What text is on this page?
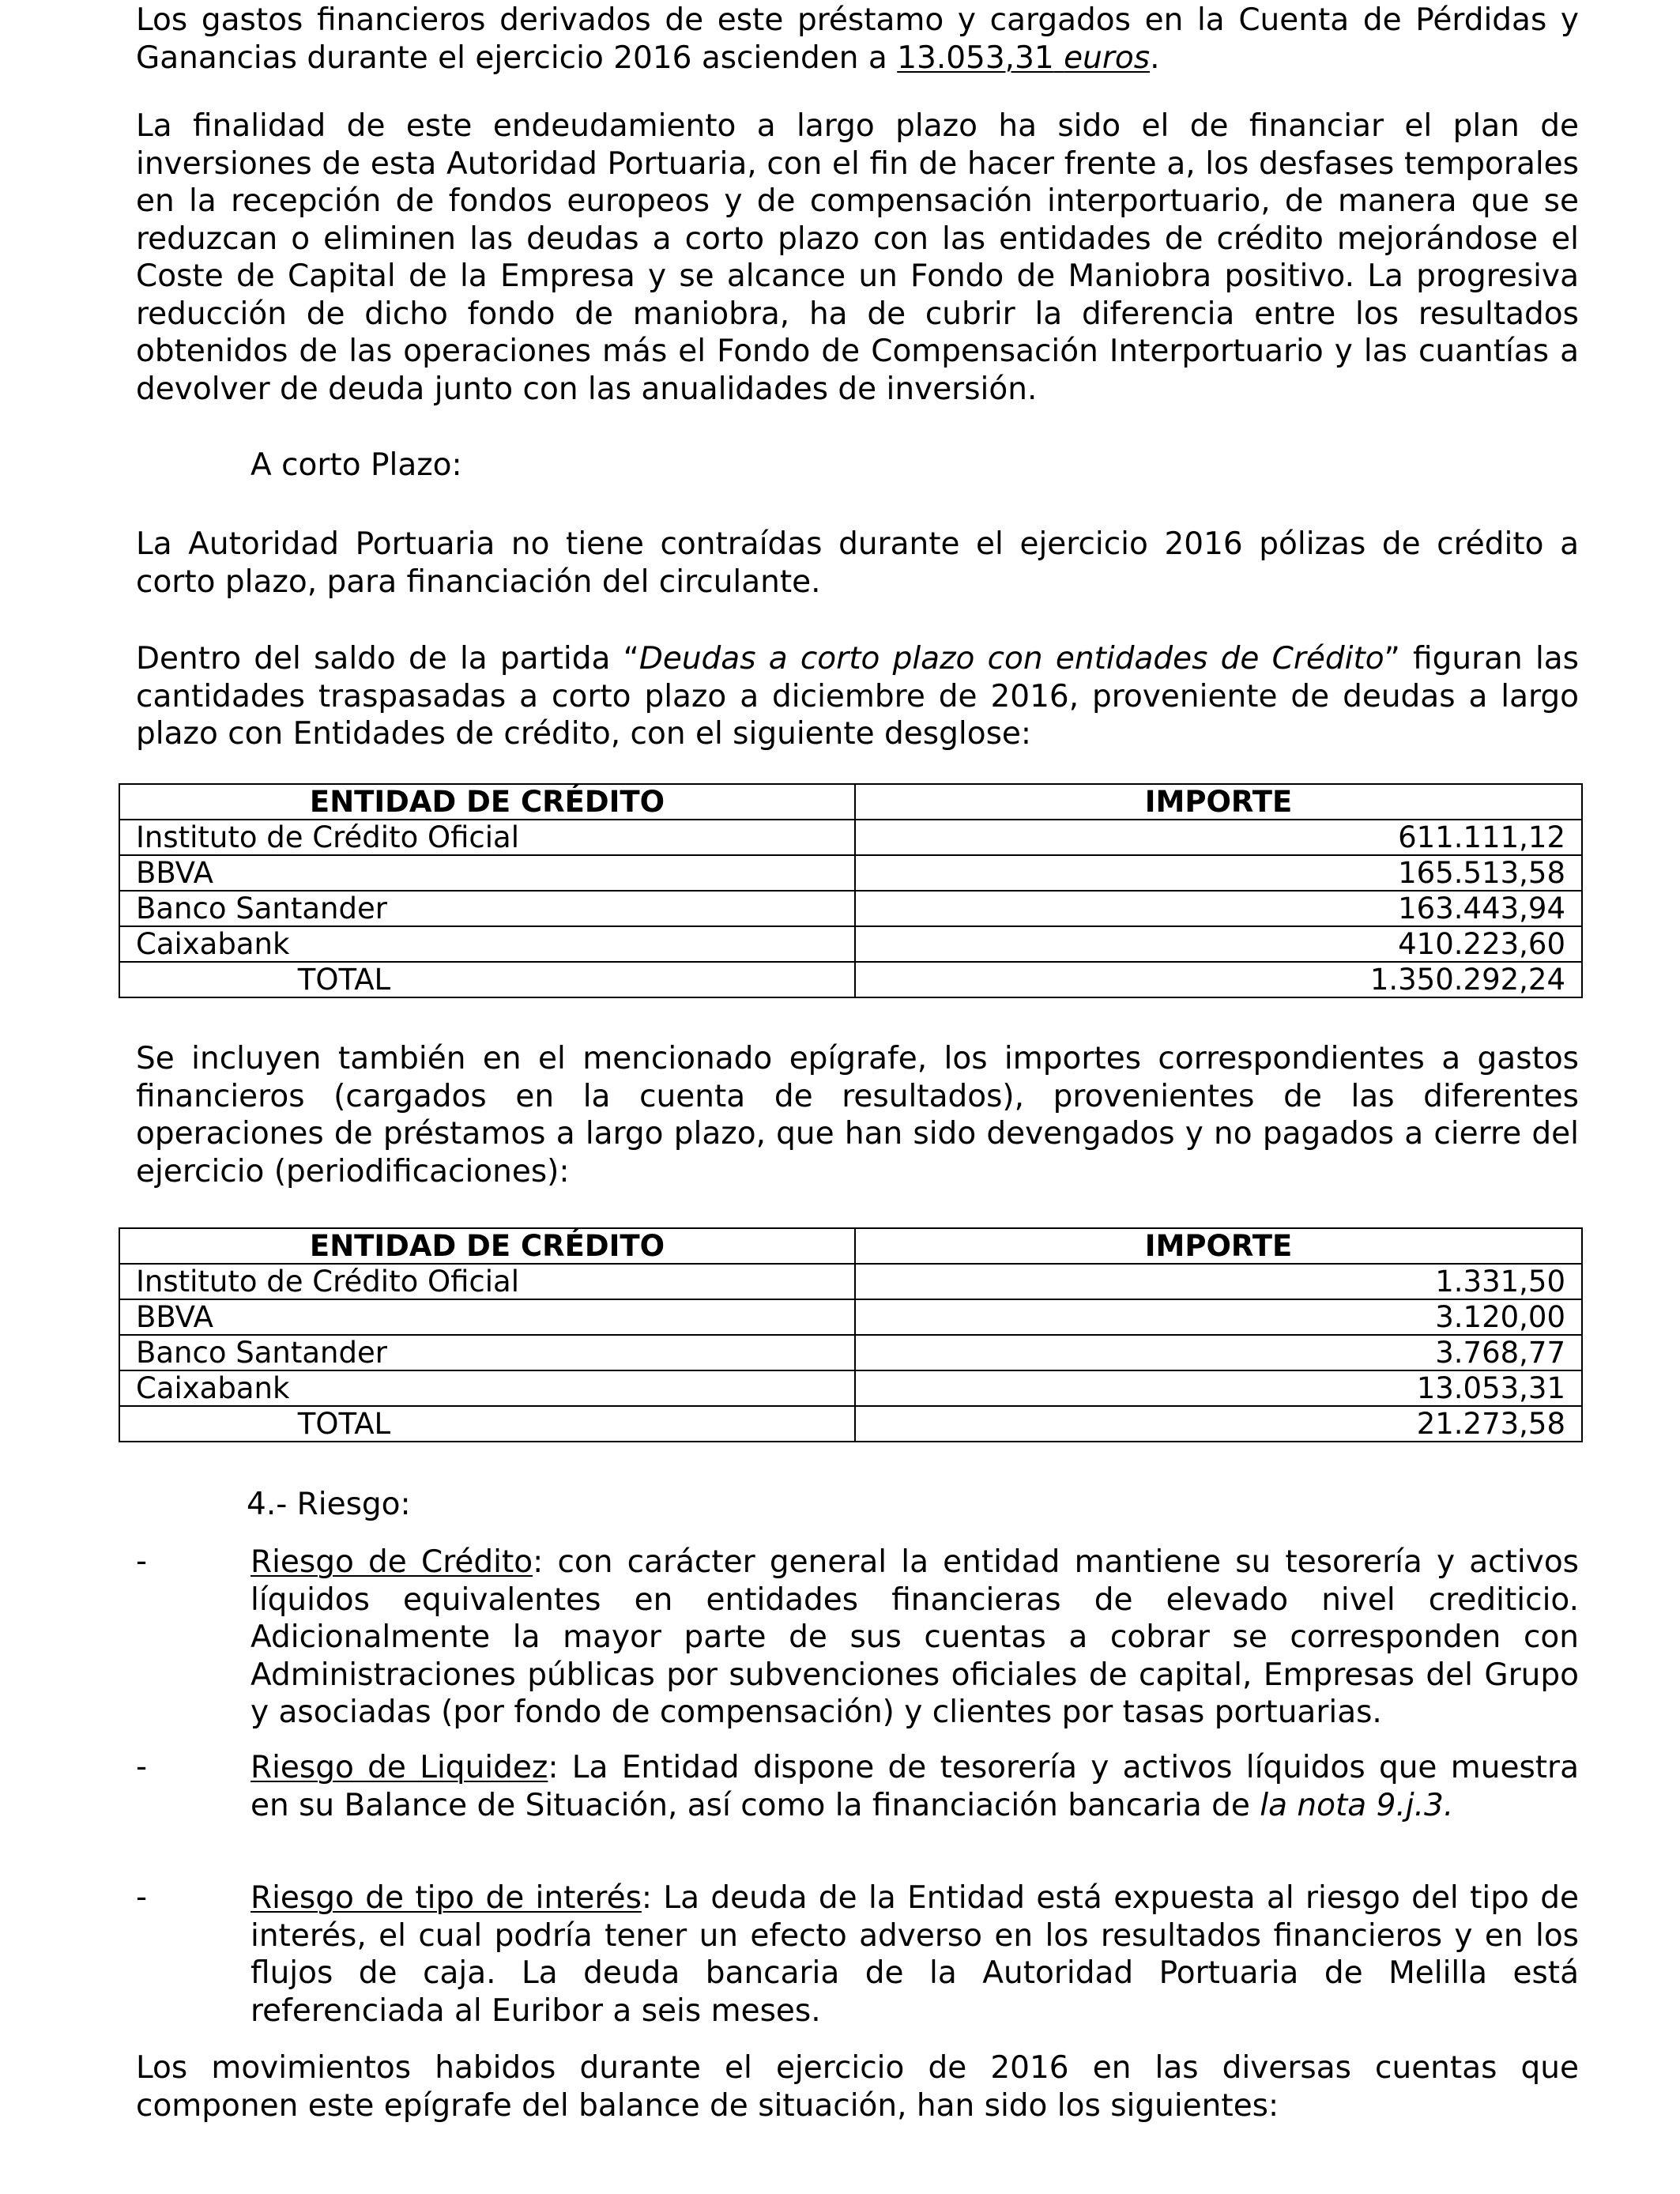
Los gastos financieros derivados de este préstamo y cargados en la Cuenta de Pérdidas y Ganancias durante el ejercicio 2016 ascienden a 13.053,31 euros.

La finalidad de este endeudamiento a largo plazo ha sido el de financiar el plan de inversiones de esta Autoridad Portuaria, con el fin de hacer frente a, los desfases temporales en la recepción de fondos europeos y de compensación interportuario, de manera que se reduzcan o eliminen las deudas a corto plazo con las entidades de crédito mejorándose el Coste de Capital de la Empresa y se alcance un Fondo de Maniobra positivo. La progresiva reducción de dicho fondo de maniobra, ha de cubrir la diferencia entre los resultados obtenidos de las operaciones más el Fondo de Compensación Interportuario y las cuantías a devolver de deuda junto con las anualidades de inversión.

A corto Plazo:

La Autoridad Portuaria no tiene contraídas durante el ejercicio 2016 pólizas de crédito a corto plazo, para financiación del circulante.

Dentro del saldo de la partida “Deudas a corto plazo con entidades de Crédito” figuran las cantidades traspasadas a corto plazo a diciembre de 2016, proveniente de deudas a largo plazo con Entidades de crédito, con el siguiente desglose:

ENTIDAD DE CRÉDITO	IMPORTE
Instituto de Crédito Oficial	611.111,12
BBVA	165.513,58
Banco Santander	163.443,94
Caixabank	410.223,60
TOTAL	1.350.292,24

Se incluyen también en el mencionado epígrafe, los importes correspondientes a gastos financieros (cargados en la cuenta de resultados), provenientes de las diferentes operaciones de préstamos a largo plazo, que han sido devengados y no pagados a cierre del ejercicio (periodificaciones):

ENTIDAD DE CRÉDITO	IMPORTE
Instituto de Crédito Oficial	1.331,50
BBVA	3.120,00
Banco Santander	3.768,77
Caixabank	13.053,31
TOTAL	21.273,58

4.- Riesgo:

-	Riesgo de Crédito: con carácter general la entidad mantiene su tesorería y activos líquidos equivalentes en entidades financieras de elevado nivel crediticio. Adicionalmente la mayor parte de sus cuentas a cobrar se corresponden con Administraciones públicas por subvenciones oficiales de capital, Empresas del Grupo y asociadas (por fondo de compensación) y clientes por tasas portuarias.

-	Riesgo de Liquidez: La Entidad dispone de tesorería y activos líquidos que muestra en su Balance de Situación, así como la financiación bancaria de la nota 9.j.3.

-	Riesgo de tipo de interés: La deuda de la Entidad está expuesta al riesgo del tipo de interés, el cual podría tener un efecto adverso en los resultados financieros y en los flujos de caja. La deuda bancaria de la Autoridad Portuaria de Melilla está referenciada al Euribor a seis meses.

Los movimientos habidos durante el ejercicio de 2016 en las diversas cuentas que componen este epígrafe del balance de situación, han sido los siguientes:
